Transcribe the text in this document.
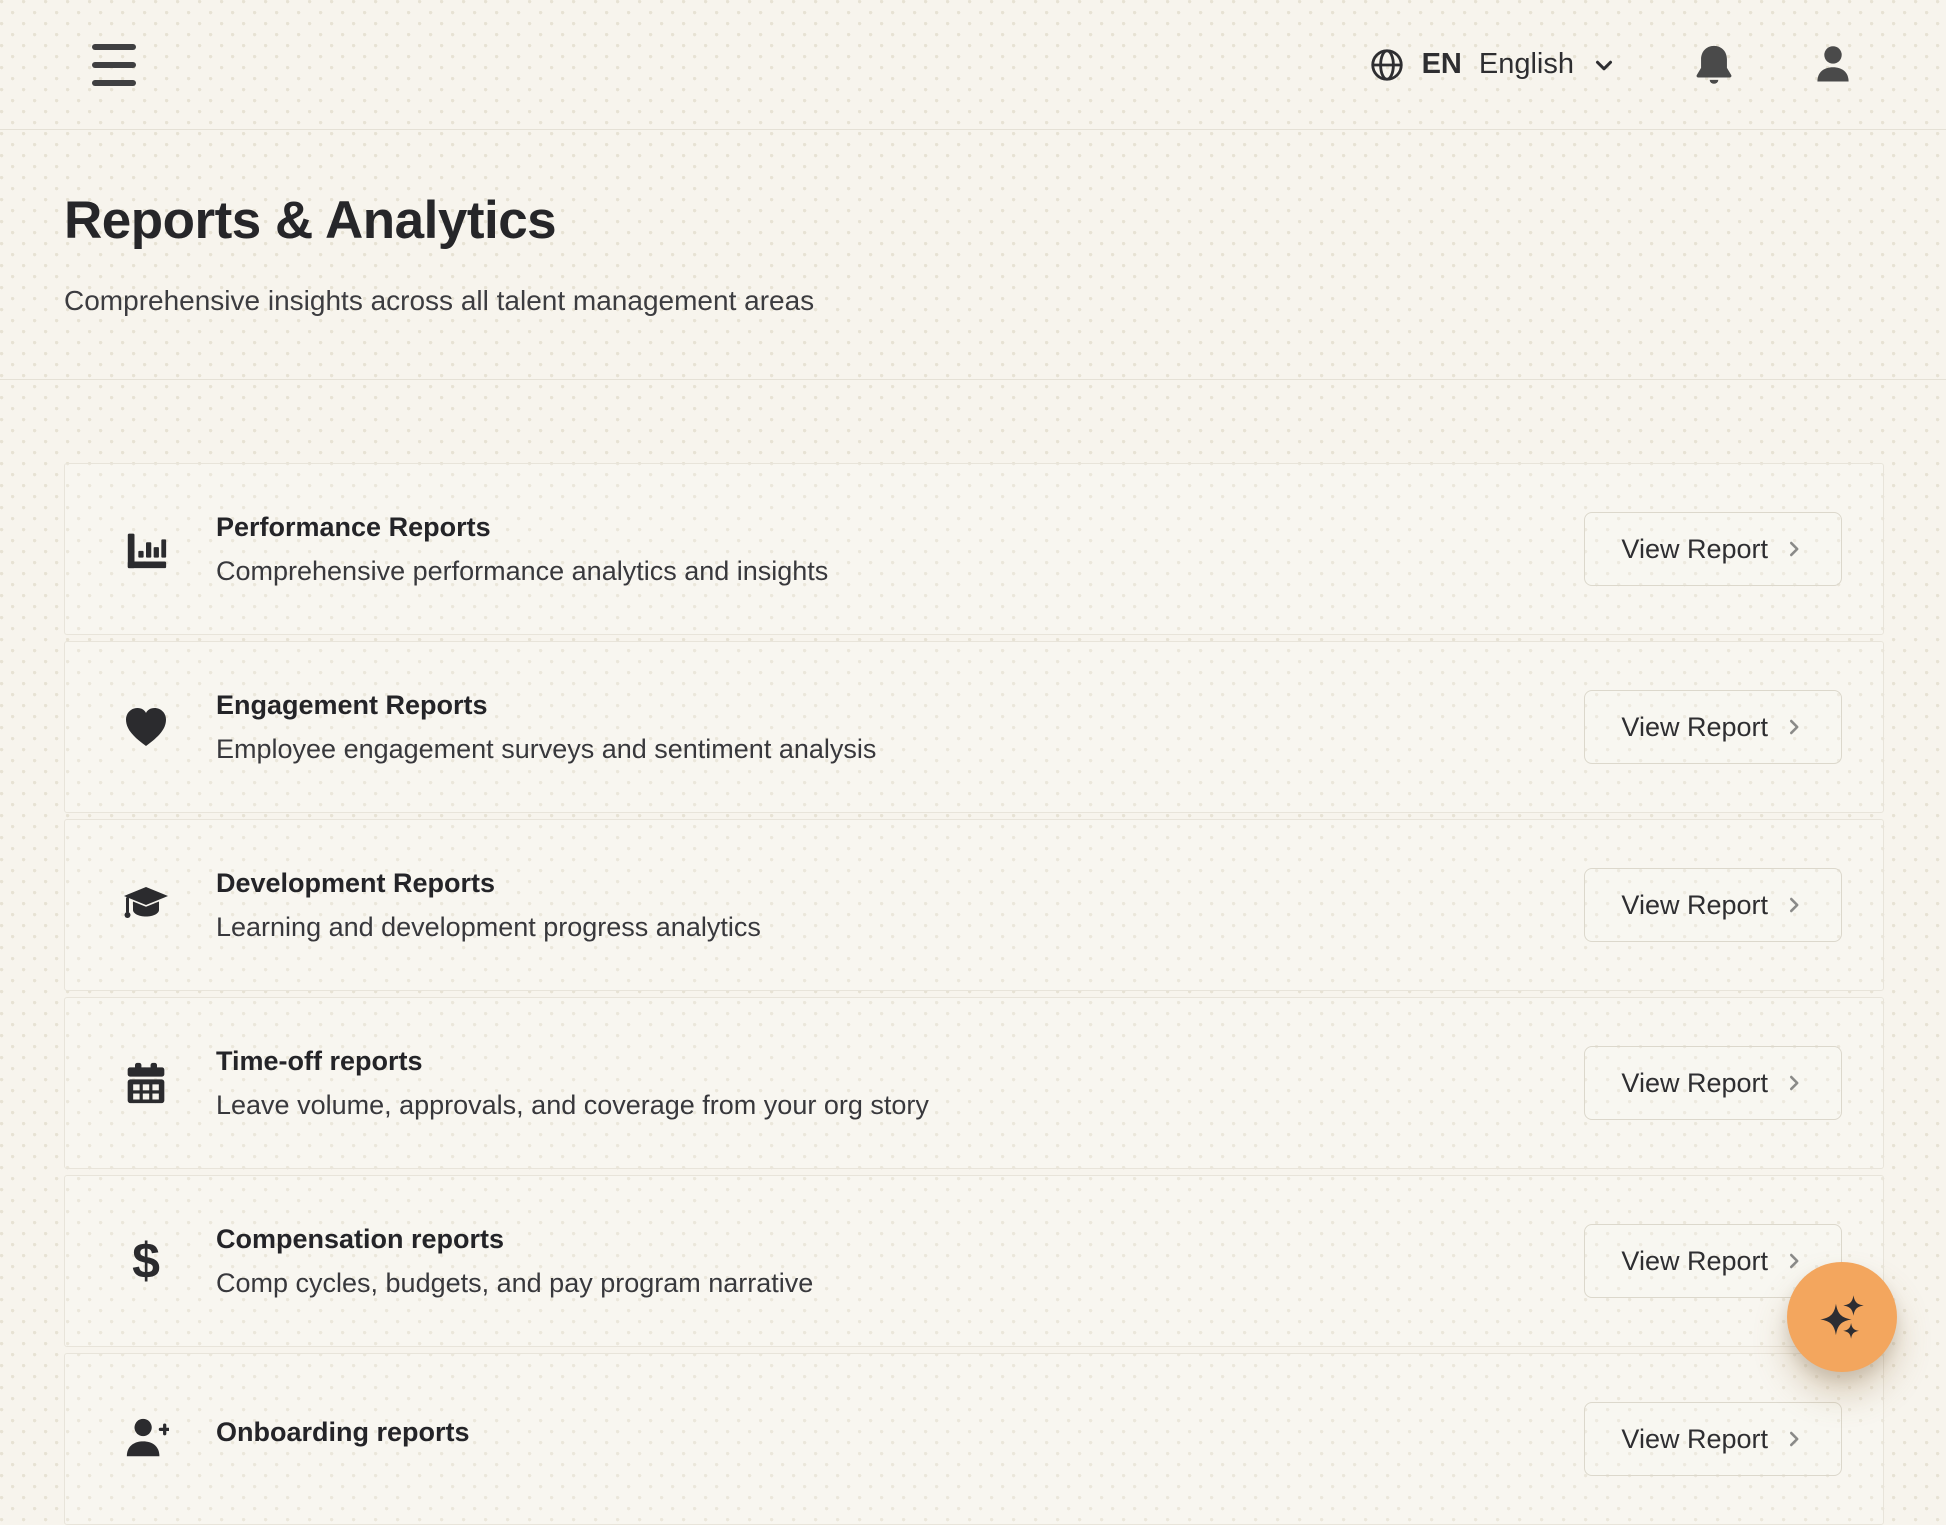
EN English
Reports & Analytics

Comprehensive insights across all talent management areas

Performance Reports
Comprehensive performance analytics and insights
View Report
Engagement Reports
Employee engagement surveys and sentiment analysis
View Report
Development Reports
Learning and development progress analytics
View Report
Time-off reports
Leave volume, approvals, and coverage from your org story
View Report
$ Compensation reports
Comp cycles, budgets, and pay program narrative
View Report
Onboarding reports	View Report
